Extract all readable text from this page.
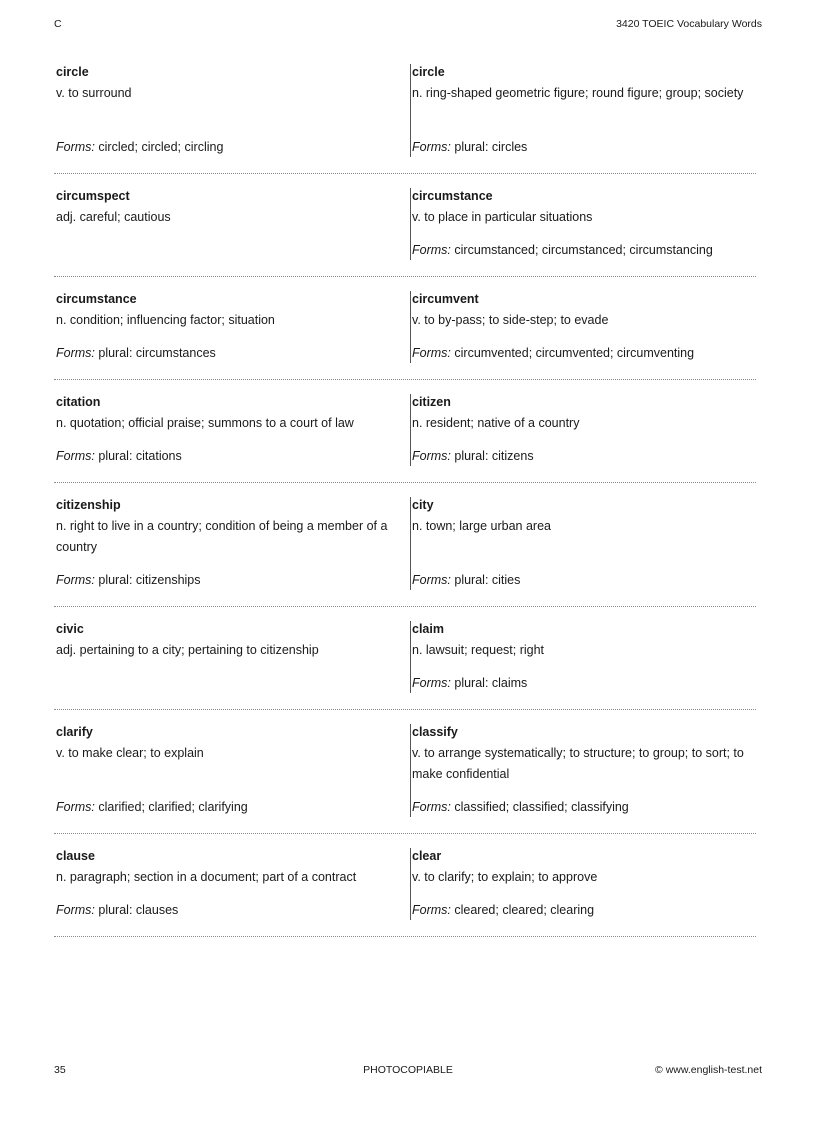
C	3420 TOEIC Vocabulary Words
circle
v. to surround
Forms: circled; circled; circling
circle
n. ring-shaped geometric figure; round figure; group; society
Forms: plural: circles
circumspect
adj. careful; cautious
circumstance
v. to place in particular situations
Forms: circumstanced; circumstanced; circumstancing
circumstance
n. condition; influencing factor; situation
Forms: plural: circumstances
circumvent
v. to by-pass; to side-step; to evade
Forms: circumvented; circumvented; circumventing
citation
n. quotation; official praise; summons to a court of law
Forms: plural: citations
citizen
n. resident; native of a country
Forms: plural: citizens
citizenship
n. right to live in a country; condition of being a member of a country
Forms: plural: citizenships
city
n. town; large urban area
Forms: plural: cities
civic
adj. pertaining to a city; pertaining to citizenship
claim
n. lawsuit; request; right
Forms: plural: claims
clarify
v. to make clear; to explain
Forms: clarified; clarified; clarifying
classify
v. to arrange systematically; to structure; to group; to sort; to make confidential
Forms: classified; classified; classifying
clause
n. paragraph; section in a document; part of a contract
Forms: plural: clauses
clear
v. to clarify; to explain; to approve
Forms: cleared; cleared; clearing
35	PHOTOCOPIABLE	© www.english-test.net
